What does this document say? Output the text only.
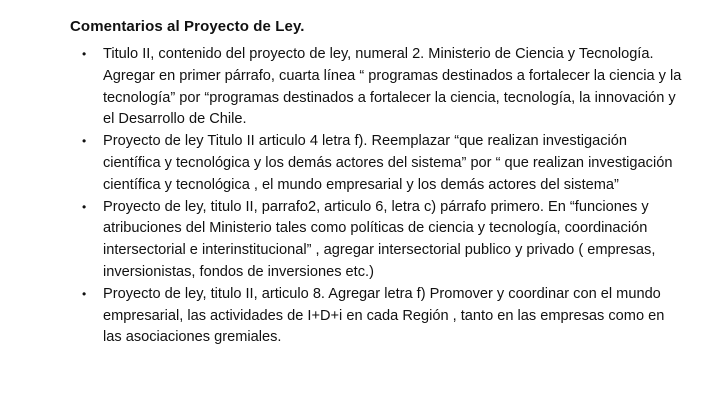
Comentarios al Proyecto de Ley.
• Titulo II, contenido del proyecto de ley, numeral 2. Ministerio de Ciencia y Tecnología. Agregar en primer párrafo, cuarta línea “ programas destinados a fortalecer la ciencia y la tecnología” por “programas destinados a fortalecer la ciencia, tecnología, la innovación y el Desarrollo de Chile.
• Proyecto de ley Titulo II articulo 4 letra f). Reemplazar “que realizan investigación científica y tecnológica y los demás actores del sistema” por “ que realizan investigación científica y tecnológica , el mundo empresarial y los demás actores del sistema”
• Proyecto de ley, titulo II, parrafo2, articulo 6, letra c) párrafo primero. En “funciones y atribuciones del Ministerio tales como políticas de ciencia y tecnología, coordinación intersectorial e interinstitucional” , agregar intersectorial publico y privado ( empresas, inversionistas, fondos de inversiones etc.)
• Proyecto de ley, titulo II, articulo 8. Agregar letra f) Promover y coordinar con el mundo empresarial, las actividades de I+D+i en cada Región , tanto en las empresas como en las asociaciones gremiales.
